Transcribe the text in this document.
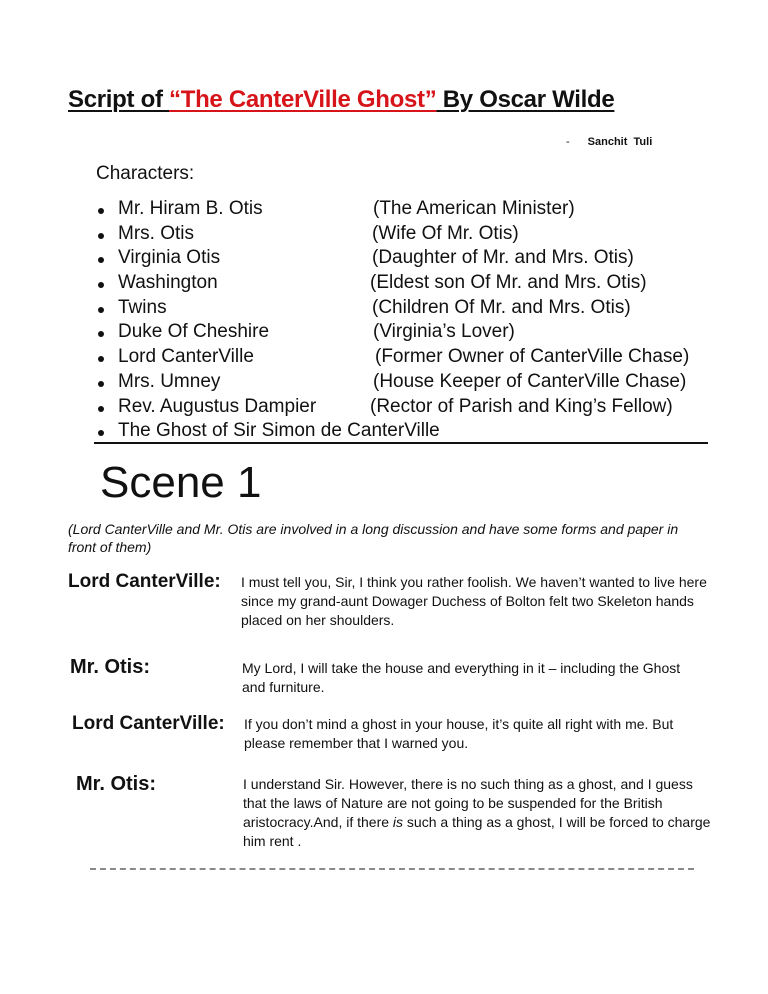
Script of “The CanterVille Ghost” By Oscar Wilde
- Sanchit  Tuli
Characters:
Mr. Hiram B. Otis	(The American Minister)
Mrs. Otis	(Wife Of Mr. Otis)
Virginia Otis	(Daughter of Mr. and Mrs. Otis)
Washington	(Eldest son Of Mr. and Mrs. Otis)
Twins	(Children Of Mr. and Mrs. Otis)
Duke Of Cheshire	(Virginia’s Lover)
Lord CanterVille	(Former Owner of CanterVille Chase)
Mrs. Umney	(House Keeper of CanterVille Chase)
Rev. Augustus Dampier	(Rector of Parish and King’s Fellow)
The Ghost of Sir Simon de CanterVille
Scene 1
(Lord CanterVille and Mr. Otis are involved in a long discussion and have some forms and paper in front of them)
Lord CanterVille: I must tell you, Sir, I think you rather foolish. We haven’t wanted to live here since my grand-aunt Dowager Duchess of Bolton felt two Skeleton hands placed on her shoulders.
Mr. Otis:	My Lord, I will take the house and everything in it – including the Ghost and furniture.
Lord CanterVille: If you don’t mind a ghost in your house, it’s quite all right with me. But please remember that I warned you.
Mr. Otis:	I understand Sir. However, there is no such thing as a ghost, and I guess that the laws of Nature are not going to be suspended for the British aristocracy.And, if there is such a thing as a ghost, I will be forced to charge him rent .
